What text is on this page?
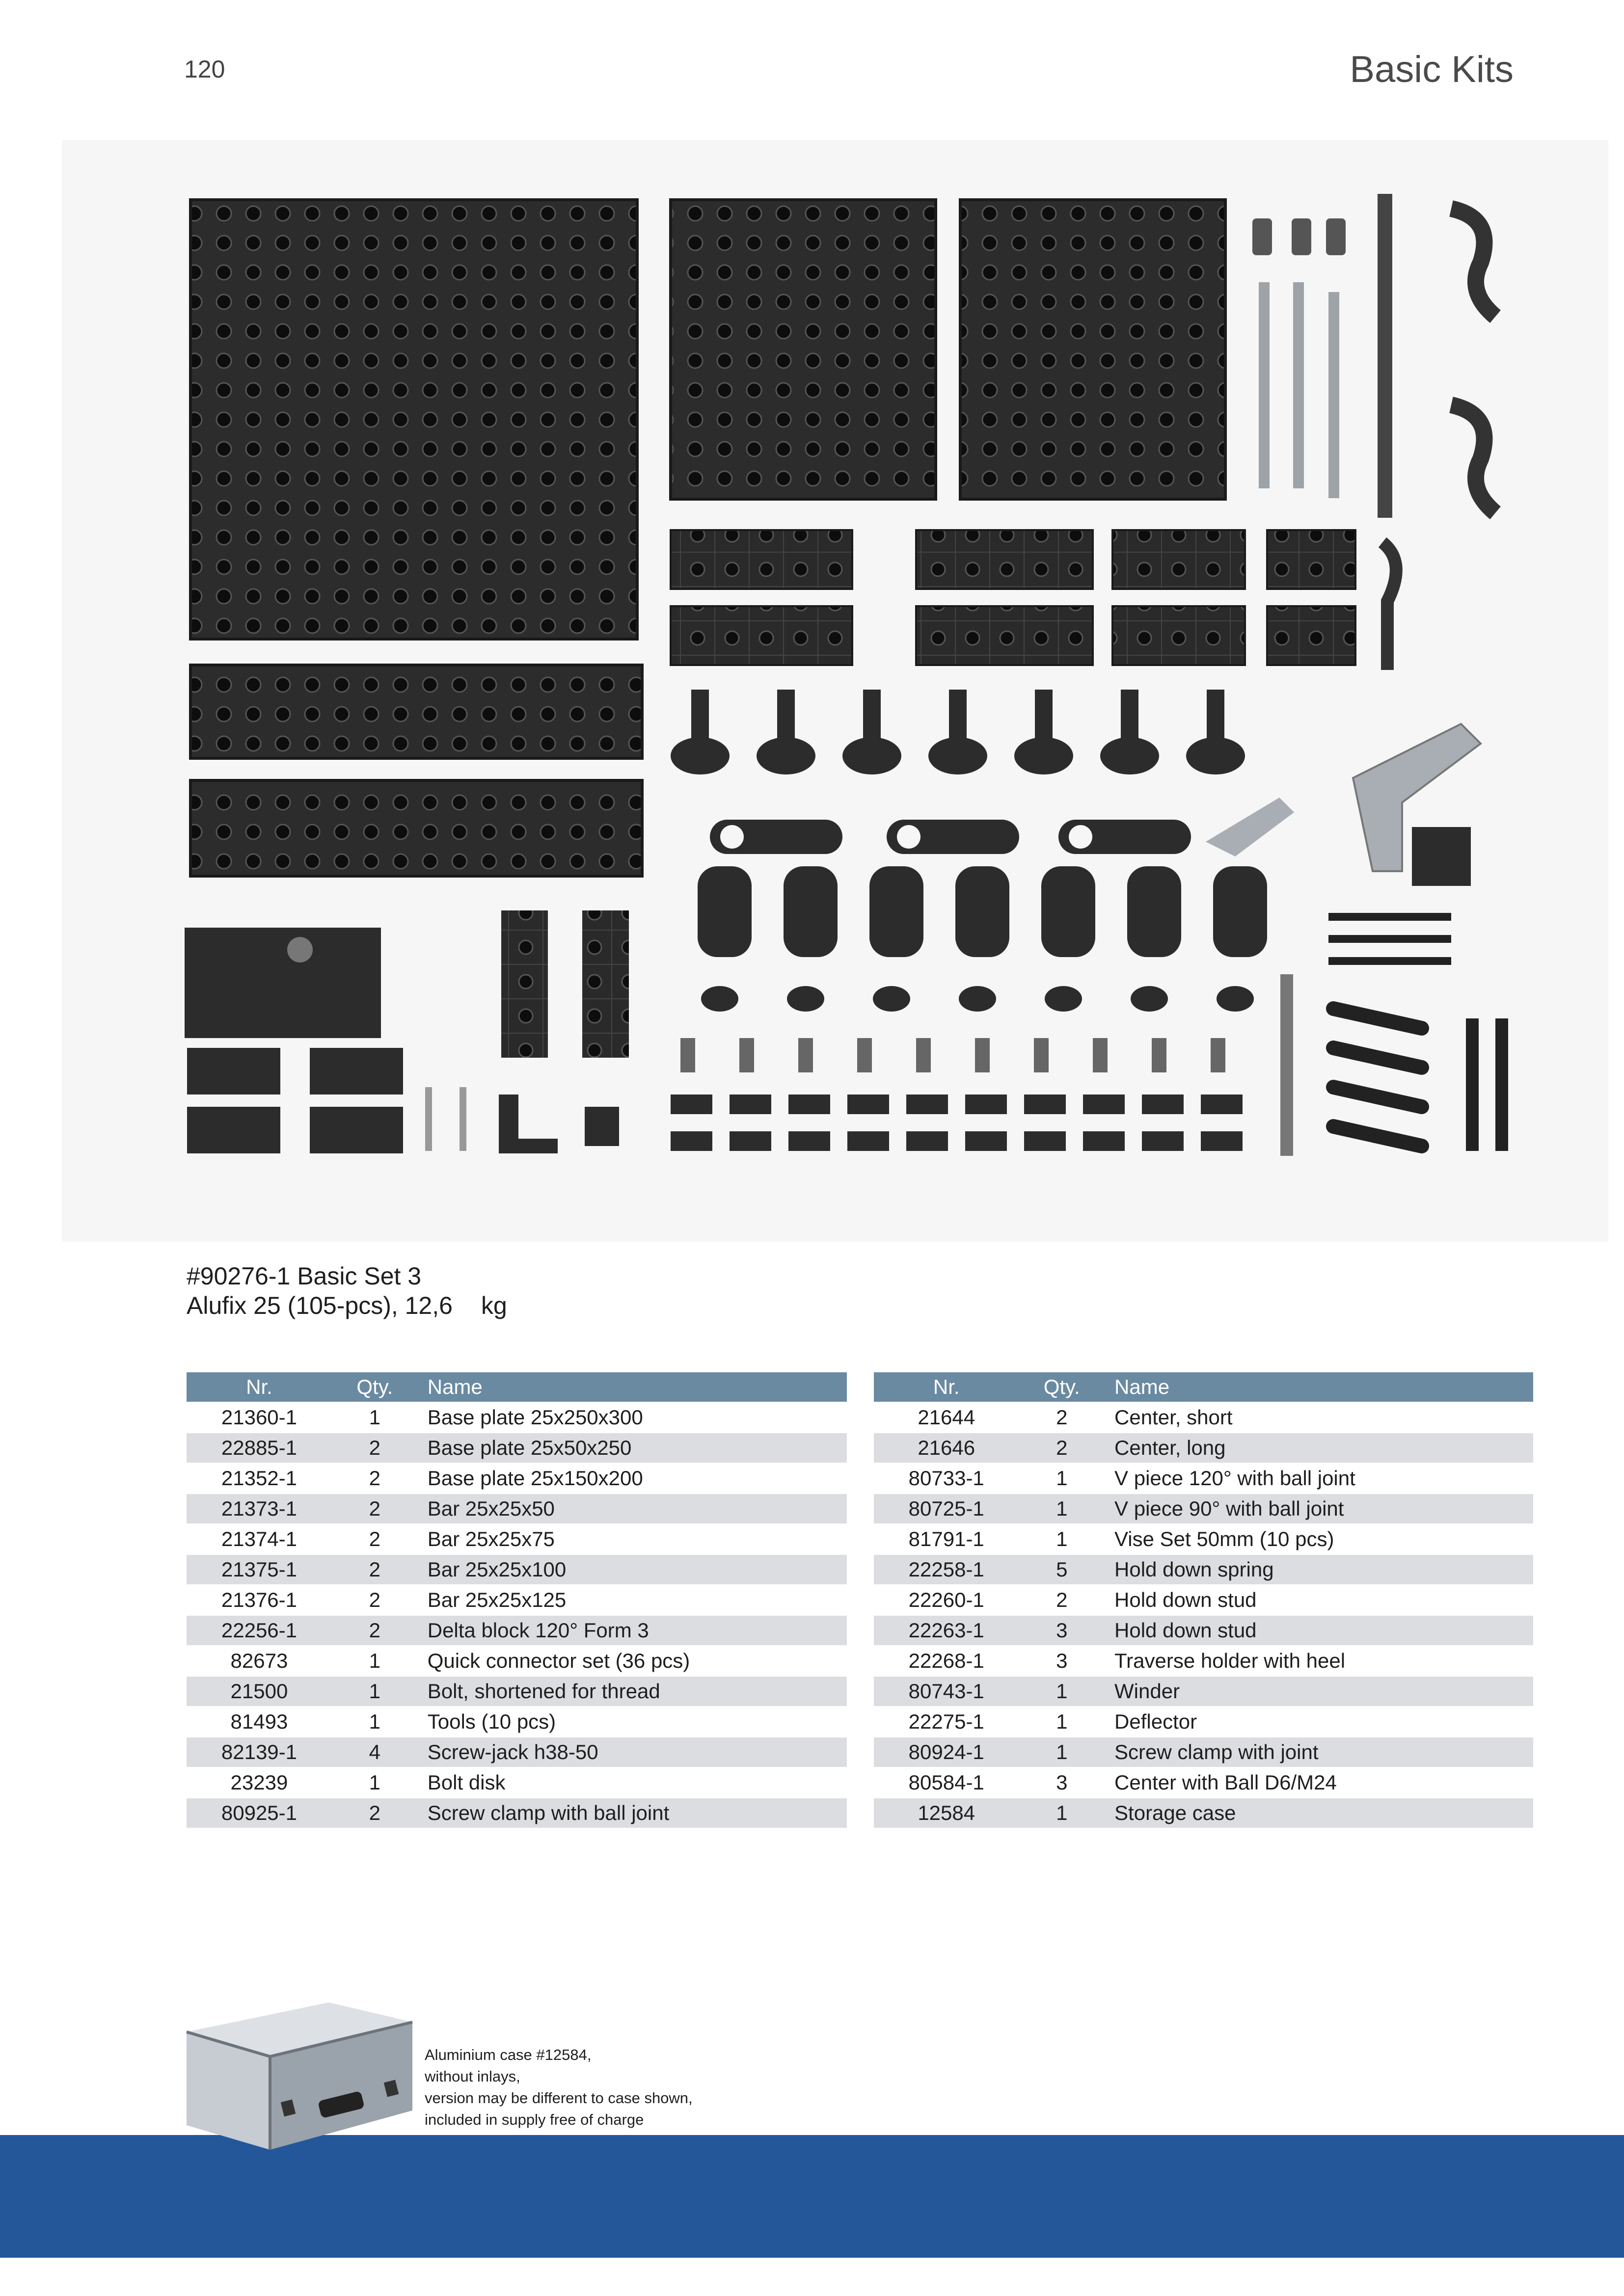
120	Basic Kits
#90276-1 Basic Set 3
Alufix 25 (105-pcs), 12,6 kg
Nr.	Qty.	Name
21360-1	1	Base plate 25x250x300
22885-1	2	Base plate 25x50x250
21352-1	2	Base plate 25x150x200
21373-1	2	Bar 25x25x50
21374-1	2	Bar 25x25x75
21375-1	2	Bar 25x25x100
21376-1	2	Bar 25x25x125
22256-1	2	Delta block 120° Form 3
82673	1	Quick connector set (36 pcs)
21500	1	Bolt, shortened for thread
81493	1	Tools (10 pcs)
82139-1	4	Screw-jack h38-50
23239	1	Bolt disk
80925-1	2	Screw clamp with ball joint
Nr.	Qty.	Name
21644	2	Center, short
21646	2	Center, long
80733-1	1	V piece 120° with ball joint
80725-1	1	V piece 90° with ball joint
81791-1	1	Vise Set 50mm (10 pcs)
22258-1	5	Hold down spring
22260-1	2	Hold down stud
22263-1	3	Hold down stud
22268-1	3	Traverse holder with heel
80743-1	1	Winder
22275-1	1	Deflector
80924-1	1	Screw clamp with joint
80584-1	3	Center with Ball D6/M24
12584	1	Storage case
Aluminium case #12584,
without inlays,
version may be different to case shown,
included in supply free of charge
